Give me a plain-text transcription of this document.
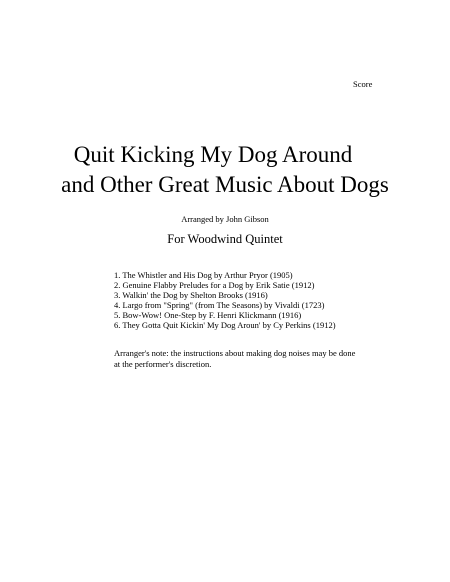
Score
Quit Kicking My Dog Around
and Other Great Music About Dogs
Arranged by John Gibson
For Woodwind Quintet
1. The Whistler and His Dog by Arthur Pryor (1905)
2. Genuine Flabby Preludes for a Dog by Erik Satie (1912)
3. Walkin' the Dog by Shelton Brooks (1916)
4. Largo from "Spring" (from The Seasons) by Vivaldi (1723)
5. Bow-Wow! One-Step by F. Henri Klickmann (1916)
6. They Gotta Quit Kickin' My Dog Aroun' by Cy Perkins (1912)
Arranger's note: the instructions about making dog noises may be done at the performer's discretion.
